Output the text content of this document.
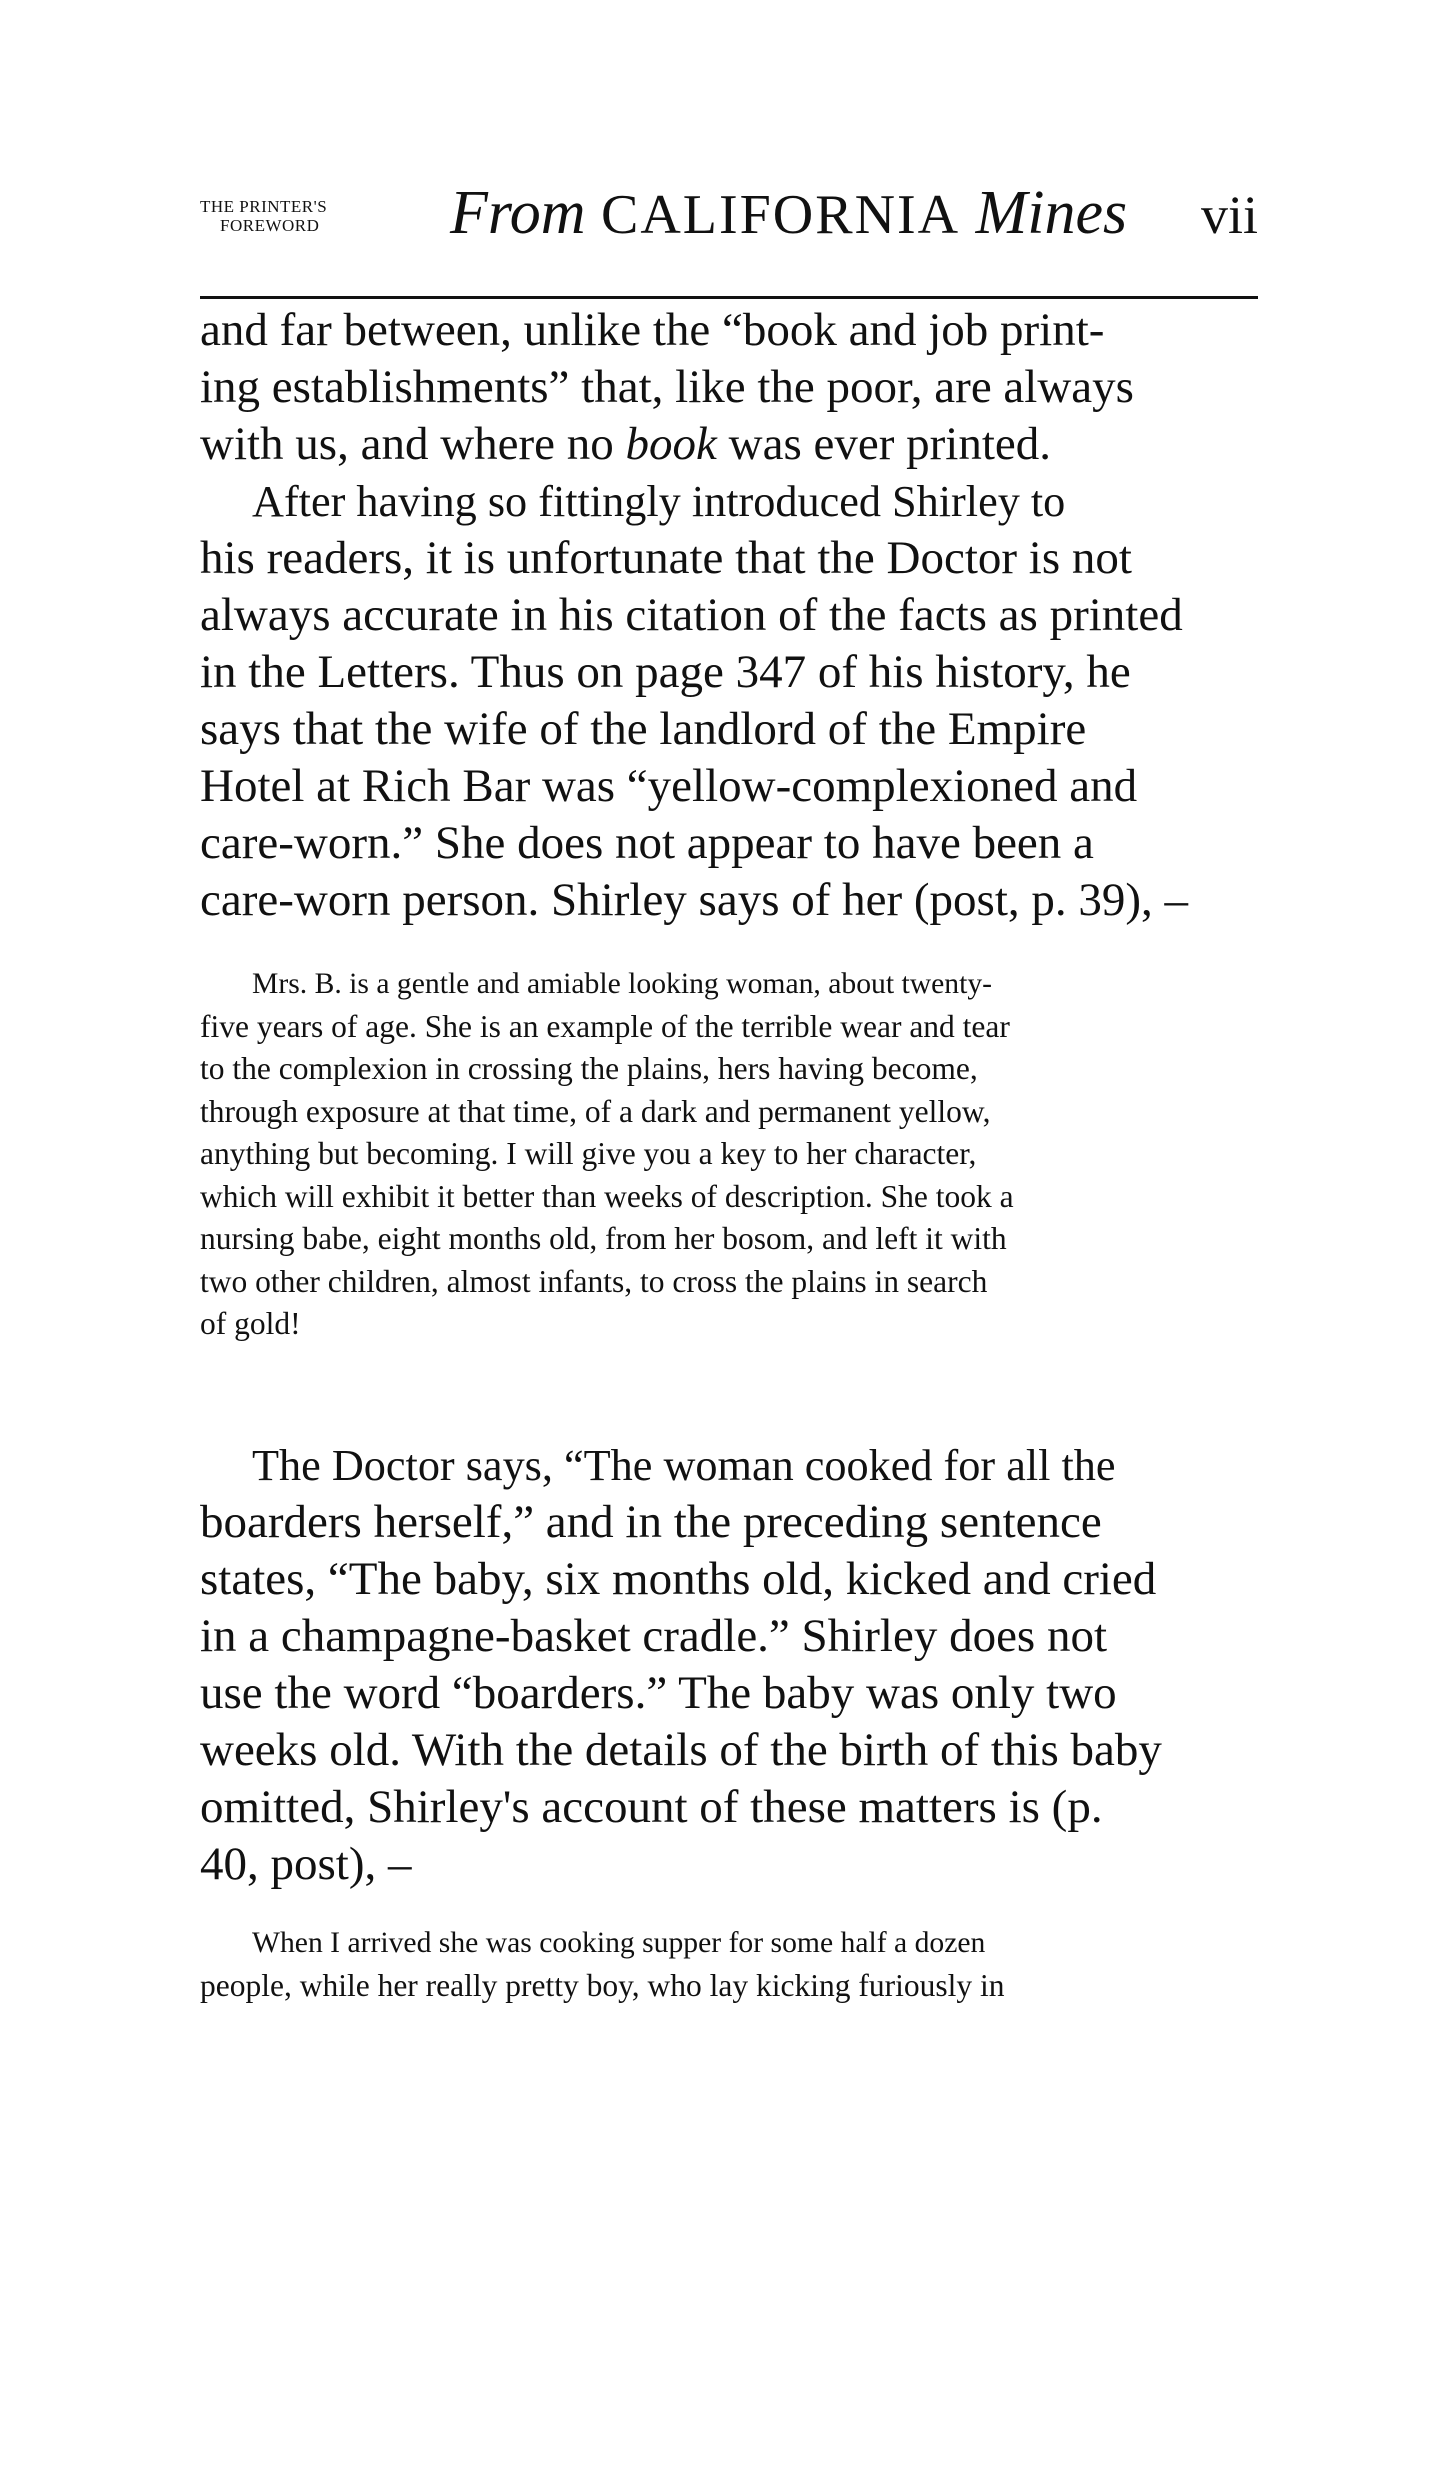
THE PRINTER'S
FOREWORD	From CALIFORNIA Mines vii

and far between, unlike the “book and job print-
ing establishments” that, like the poor, are always
with us, and where no book was ever printed.

After having so fittingly introduced Shirley to
his readers, it is unfortunate that the Doctor is not
always accurate in his citation of the facts as printed
in the Letters. Thus on page 347 of his history, he
says that the wife of the landlord of the Empire
Hotel at Rich Bar was “yellow-complexioned and
care-worn.” She does not appear to have been a
care-worn person. Shirley says of her (post, p. 39), –

Mrs. B. is a gentle and amiable looking woman, about twenty-
five years of age. She is an example of the terrible wear and tear
to the complexion in crossing the plains, hers having become,
through exposure at that time, of a dark and permanent yellow,
anything but becoming. I will give you a key to her character,
which will exhibit it better than weeks of description. She took a
nursing babe, eight months old, from her bosom, and left it with
two other children, almost infants, to cross the plains in search
of gold!

The Doctor says, “The woman cooked for all the
boarders herself,” and in the preceding sentence
states, “The baby, six months old, kicked and cried
in a champagne-basket cradle.” Shirley does not
use the word “boarders.” The baby was only two
weeks old. With the details of the birth of this baby
omitted, Shirley's account of these matters is (p.
40, post), –

When I arrived she was cooking supper for some half a dozen
people, while her really pretty boy, who lay kicking furiously in
